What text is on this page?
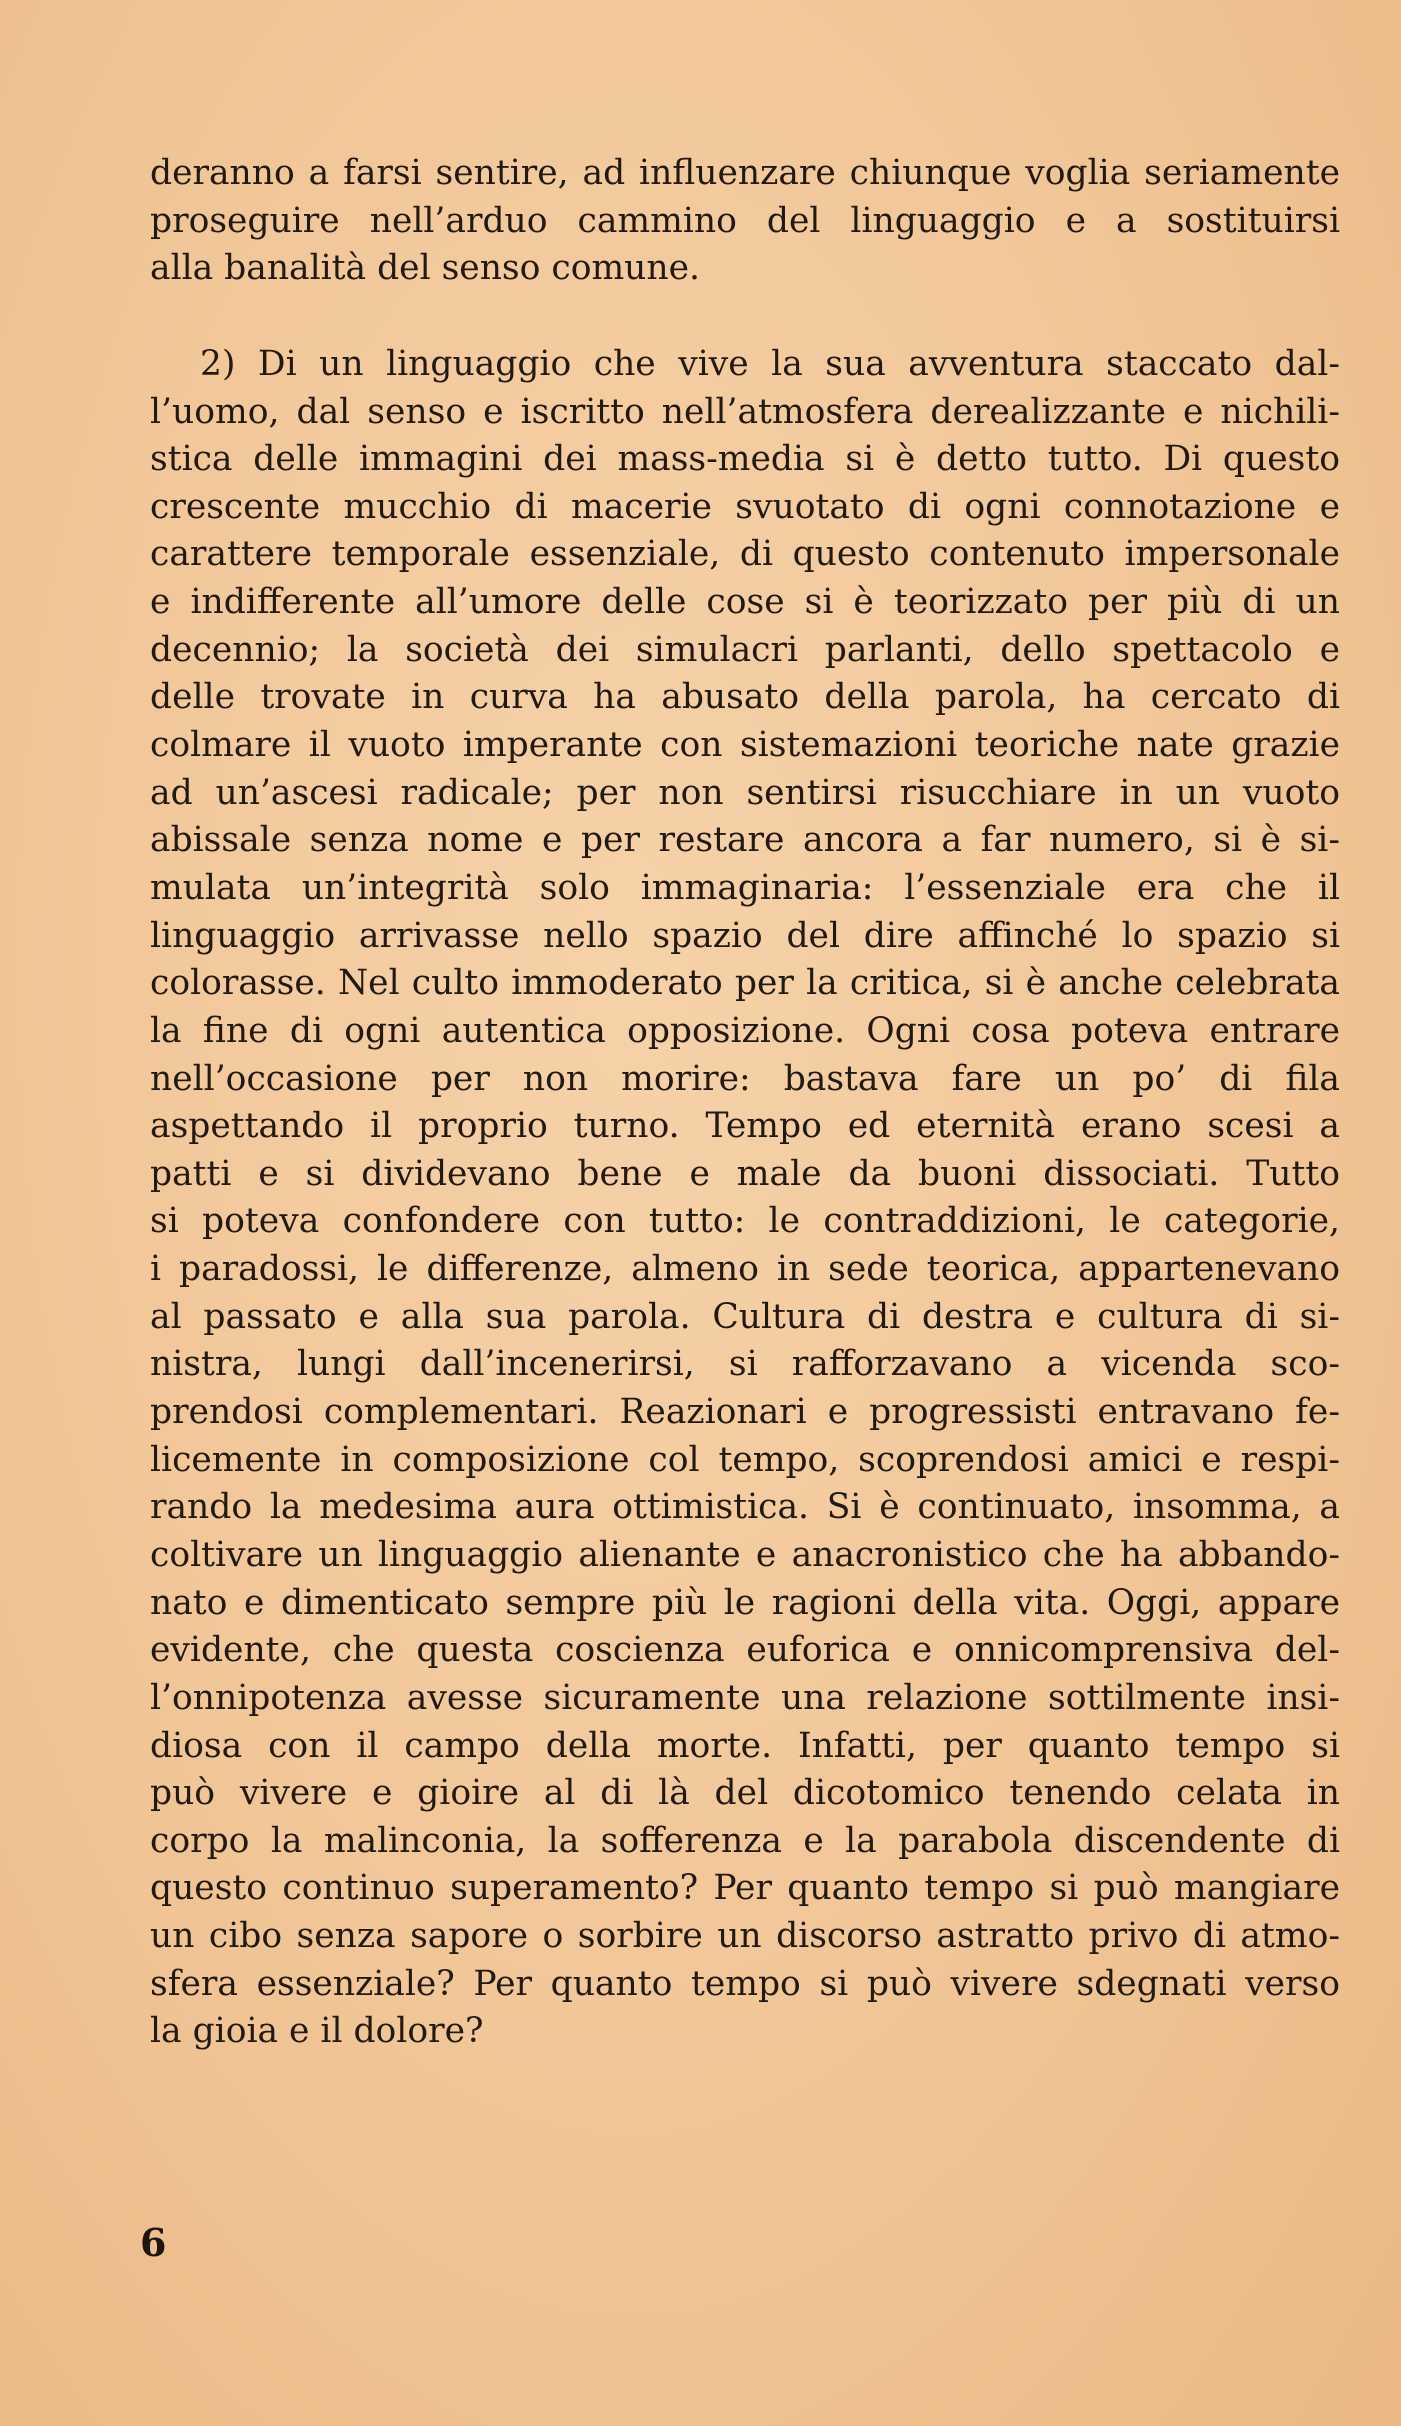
deranno a farsi sentire, ad influenzare chiunque voglia seriamente
proseguire nell’arduo cammino del linguaggio e a sostituirsi
alla banalità del senso comune.
2) Di un linguaggio che vive la sua avventura staccato dal-
l’uomo, dal senso e iscritto nell’atmosfera derealizzante e nichili-
stica delle immagini dei mass-media si è detto tutto. Di questo
crescente mucchio di macerie svuotato di ogni connotazione e
carattere temporale essenziale, di questo contenuto impersonale
e indifferente all’umore delle cose si è teorizzato per più di un
decennio; la società dei simulacri parlanti, dello spettacolo e
delle trovate in curva ha abusato della parola, ha cercato di
colmare il vuoto imperante con sistemazioni teoriche nate grazie
ad un’ascesi radicale; per non sentirsi risucchiare in un vuoto
abissale senza nome e per restare ancora a far numero, si è si-
mulata un’integrità solo immaginaria: l’essenziale era che il
linguaggio arrivasse nello spazio del dire affinché lo spazio si
colorasse. Nel culto immoderato per la critica, si è anche celebrata
la fine di ogni autentica opposizione. Ogni cosa poteva entrare
nell’occasione per non morire: bastava fare un po’ di fila
aspettando il proprio turno. Tempo ed eternità erano scesi a
patti e si dividevano bene e male da buoni dissociati. Tutto
si poteva confondere con tutto: le contraddizioni, le categorie,
i paradossi, le differenze, almeno in sede teorica, appartenevano
al passato e alla sua parola. Cultura di destra e cultura di si-
nistra, lungi dall’incenerirsi, si rafforzavano a vicenda sco-
prendosi complementari. Reazionari e progressisti entravano fe-
licemente in composizione col tempo, scoprendosi amici e respi-
rando la medesima aura ottimistica. Si è continuato, insomma, a
coltivare un linguaggio alienante e anacronistico che ha abbando-
nato e dimenticato sempre più le ragioni della vita. Oggi, appare
evidente, che questa coscienza euforica e onnicomprensiva del-
l’onnipotenza avesse sicuramente una relazione sottilmente insi-
diosa con il campo della morte. Infatti, per quanto tempo si
può vivere e gioire al di là del dicotomico tenendo celata in
corpo la malinconia, la sofferenza e la parabola discendente di
questo continuo superamento? Per quanto tempo si può mangiare
un cibo senza sapore o sorbire un discorso astratto privo di atmo-
sfera essenziale? Per quanto tempo si può vivere sdegnati verso
la gioia e il dolore?
6
